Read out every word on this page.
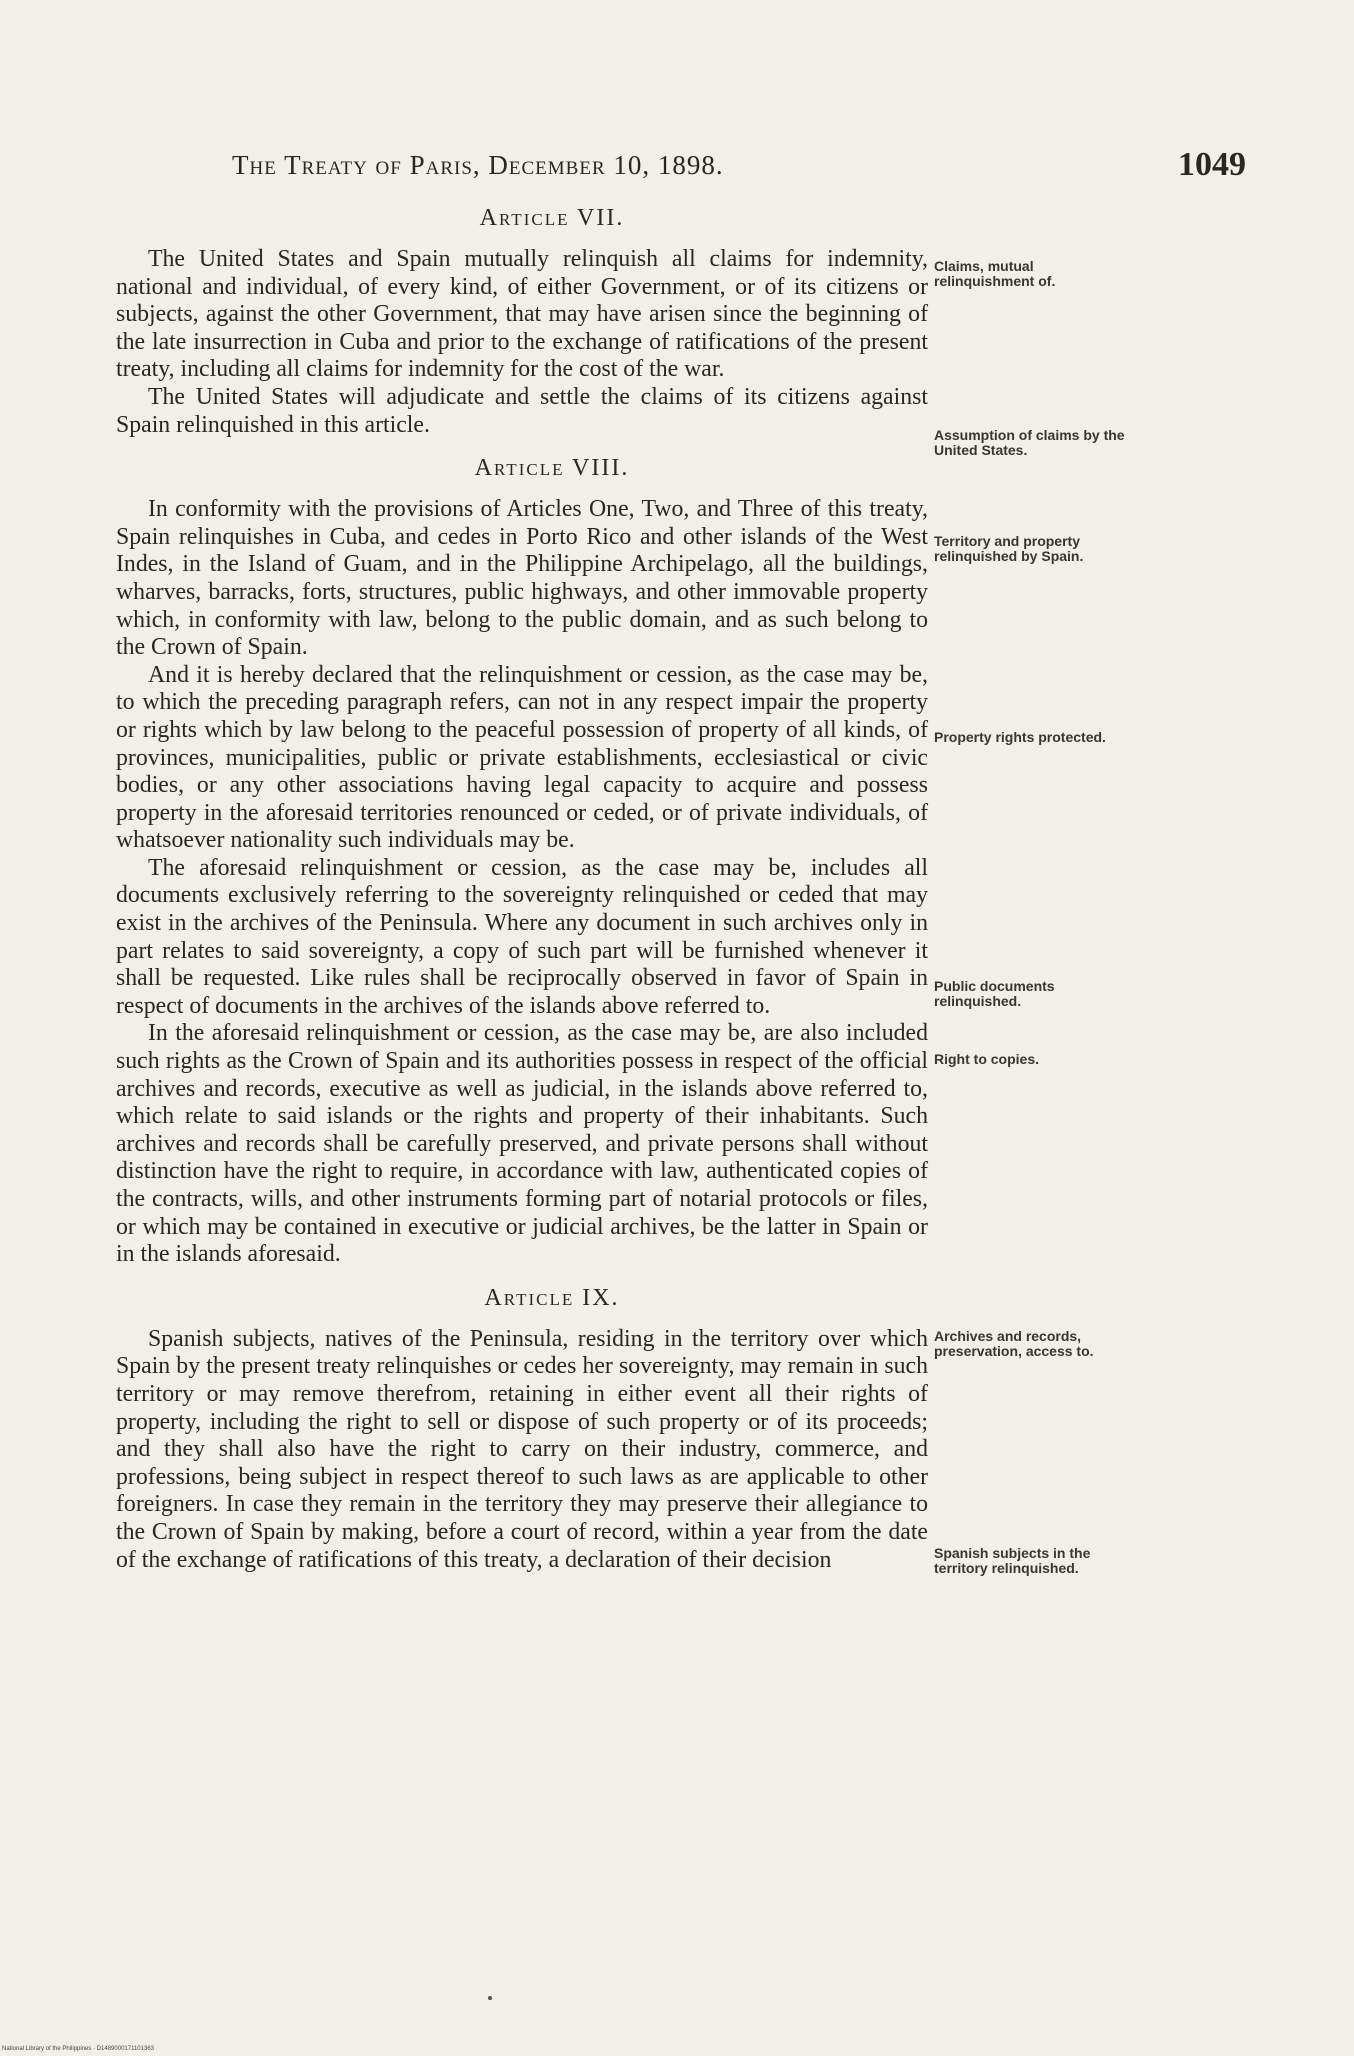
The Treaty of Paris, December 10, 1898.	1049
Article VII.

The United States and Spain mutually relinquish all claims for indemnity, national and individual, of every kind, of either Government, or of its citizens or subjects, against the other Government, that may have arisen since the beginning of the late insurrection in Cuba and prior to the exchange of ratifications of the present treaty, including all claims for indemnity for the cost of the war.

The United States will adjudicate and settle the claims of its citizens against Spain relinquished in this article.

Article VIII.

In conformity with the provisions of Articles One, Two, and Three of this treaty, Spain relinquishes in Cuba, and cedes in Porto Rico and other islands of the West Indes, in the Island of Guam, and in the Philippine Archipelago, all the buildings, wharves, barracks, forts, structures, public highways, and other immovable property which, in conformity with law, belong to the public domain, and as such belong to the Crown of Spain.

And it is hereby declared that the relinquishment or cession, as the case may be, to which the preceding paragraph refers, can not in any respect impair the property or rights which by law belong to the peaceful possession of property of all kinds, of provinces, municipalities, public or private establishments, ecclesiastical or civic bodies, or any other associations having legal capacity to acquire and possess property in the aforesaid territories renounced or ceded, or of private individuals, of whatsoever nationality such individuals may be.

The aforesaid relinquishment or cession, as the case may be, includes all documents exclusively referring to the sovereignty relinquished or ceded that may exist in the archives of the Peninsula. Where any document in such archives only in part relates to said sovereignty, a copy of such part will be furnished whenever it shall be requested. Like rules shall be reciprocally observed in favor of Spain in respect of documents in the archives of the islands above referred to.

In the aforesaid relinquishment or cession, as the case may be, are also included such rights as the Crown of Spain and its authorities possess in respect of the official archives and records, executive as well as judicial, in the islands above referred to, which relate to said islands or the rights and property of their inhabitants. Such archives and records shall be carefully preserved, and private persons shall without distinction have the right to require, in accordance with law, authenticated copies of the contracts, wills, and other instruments forming part of notarial protocols or files, or which may be contained in executive or judicial archives, be the latter in Spain or in the islands aforesaid.

Article IX.

Spanish subjects, natives of the Peninsula, residing in the territory over which Spain by the present treaty relinquishes or cedes her sovereignty, may remain in such territory or may remove therefrom, retaining in either event all their rights of property, including the right to sell or dispose of such property or of its proceeds; and they shall also have the right to carry on their industry, commerce, and professions, being subject in respect thereof to such laws as are applicable to other foreigners. In case they remain in the territory they may preserve their allegiance to the Crown of Spain by making, before a court of record, within a year from the date of the exchange of ratifications of this treaty, a declaration of their decision

Claims, mutual relinquishment of.
Assumption of claims by the United States.
Territory and property relinquished by Spain.
Property rights protected.
Public documents relinquished.
Right to copies.
Archives and records, preservation, access to.
Spanish subjects in the territory relinquished.
National Library of the Philippines · D1489000171101363
